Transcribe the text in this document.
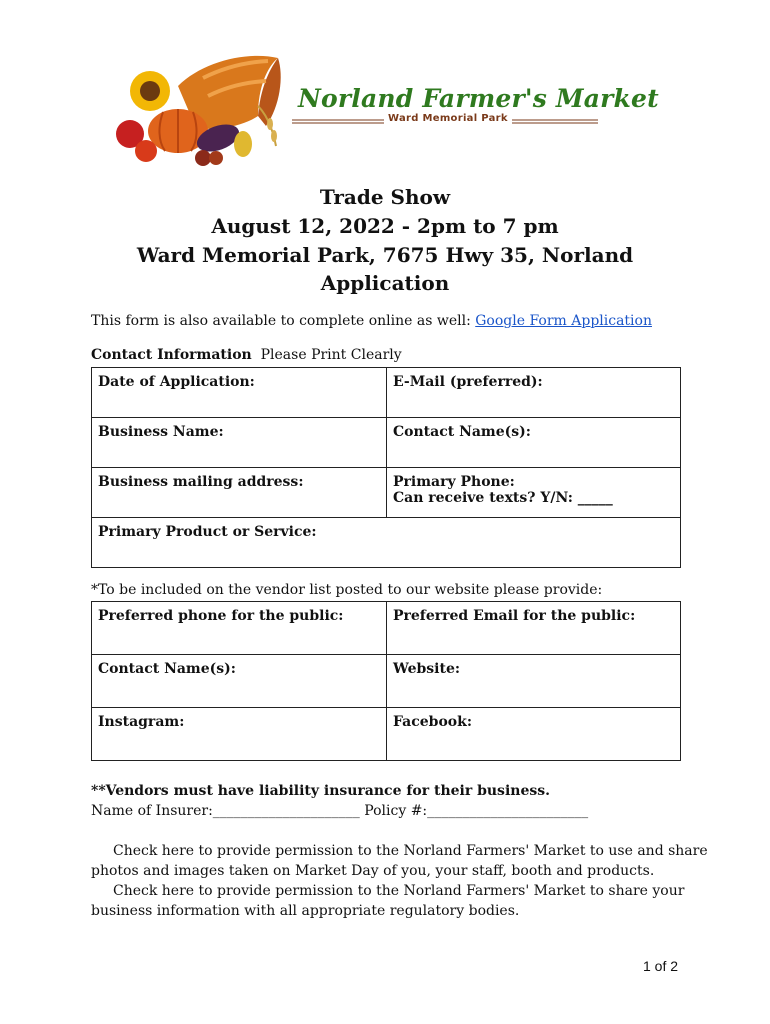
Norland Farmer's Market
Ward Memorial Park
Trade Show
August 12, 2022 - 2pm to 7 pm
Ward Memorial Park, 7675 Hwy 35, Norland
Application
This form is also available to complete online as well: Google Form Application
Contact Information Please Print Clearly
Date of Application:	E-Mail (preferred):
Business Name:	Contact Name(s):
Business mailing address:	Primary Phone:
Can receive texts? Y/N: _____

Primary Product or Service:	
*To be included on the vendor list posted to our website please provide:
Preferred phone for the public:	Preferred Email for the public:
Contact Name(s):	Website:
Instagram:	Facebook:
**Vendors must have liability insurance for their business.
Name of Insurer:_____________________ Policy #:_______________________
Check here to provide permission to the Norland Farmers' Market to use and share
photos and images taken on Market Day of you, your staff, booth and products.
Check here to provide permission to the Norland Farmers' Market to share your
business information with all appropriate regulatory bodies.
1 of 2
